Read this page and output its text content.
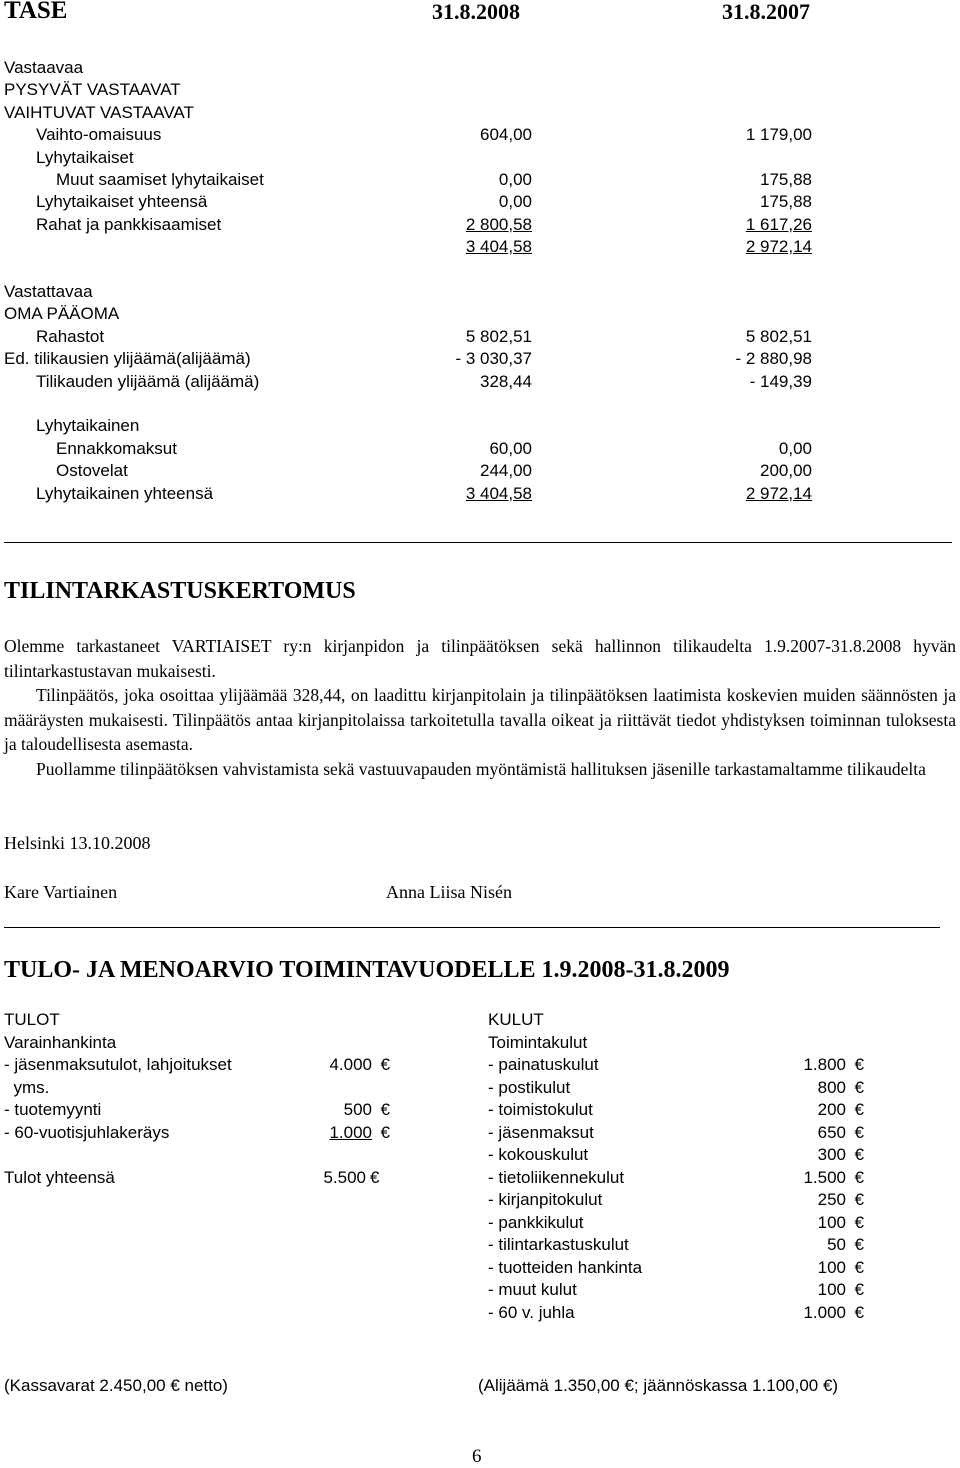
TASE	31.8.2008	31.8.2007
Vastaavaa
PYSYVÄT VASTAAVAT
VAIHTUVAT VASTAAVAT
Vaihto-omaisuus	604,00	1 179,00
Lyhytaikaiset
Muut saamiset lyhytaikaiset	0,00	175,88
Lyhytaikaiset yhteensä	0,00	175,88
Rahat ja pankkisaamiset	2 800,58	1 617,26
3 404,58	2 972,14
Vastattavaa
OMA PÄÄOMA
Rahastot	5 802,51	5 802,51
Ed. tilikausien ylijäämä(alijäämä)	- 3 030,37	- 2 880,98
Tilikauden ylijäämä (alijäämä)	328,44	- 149,39
Lyhytaikainen
Ennakkomaksut	60,00	0,00
Ostovelat	244,00	200,00
Lyhytaikainen yhteensä	3 404,58	2 972,14
TILINTARKASTUSKERTOMUS

Olemme tarkastaneet VARTIAISET ry:n kirjanpidon ja tilinpäätöksen sekä hallinnon tilikaudelta 1.9.2007-31.8.2008 hyvän tilintarkastustavan mukaisesti.

Tilinpäätös, joka osoittaa ylijäämää 328,44, on laadittu kirjanpitolain ja tilinpäätöksen laatimista koskevien muiden säännösten ja määräysten mukaisesti. Tilinpäätös antaa kirjanpitolaissa tarkoitetulla tavalla oikeat ja riittävät tiedot yhdistyksen toiminnan tuloksesta ja taloudellisesta asemasta.

Puollamme tilinpäätöksen vahvistamista sekä vastuuvapauden myöntämistä hallituksen jäsenille tarkastamaltamme tilikaudelta

Helsinki 13.10.2008
Kare Vartiainen	Anna Liisa Nisén
TULO- JA MENOARVIO TOIMINTAVUODELLE 1.9.2008-31.8.2009
TULOT
Varainhankinta
KULUT
Toimintakulut
- jäsenmaksutulot, lahjoitukset	4.000 €
yms.
- tuotemyynti	500 €
- 60-vuotisjuhlakeräys	1.000 €
- painatuskulut	1.800 €
- postikulut	800 €
- toimistokulut	200 €
- jäsenmaksut	650 €
- kokouskulut	300 €
- tietoliikennekulut	1.500 €
- kirjanpitokulut	250 €
- pankkikulut	100 €
- tilintarkastuskulut	50 €
- tuotteiden hankinta	100 €
- muut kulut	100 €
- 60 v. juhla	1.000 €
Tulot yhteensä	5.500 €
(Kassavarat 2.450,00 € netto)	(Alijäämä 1.350,00 €; jäännöskassa 1.100,00 €)
6
